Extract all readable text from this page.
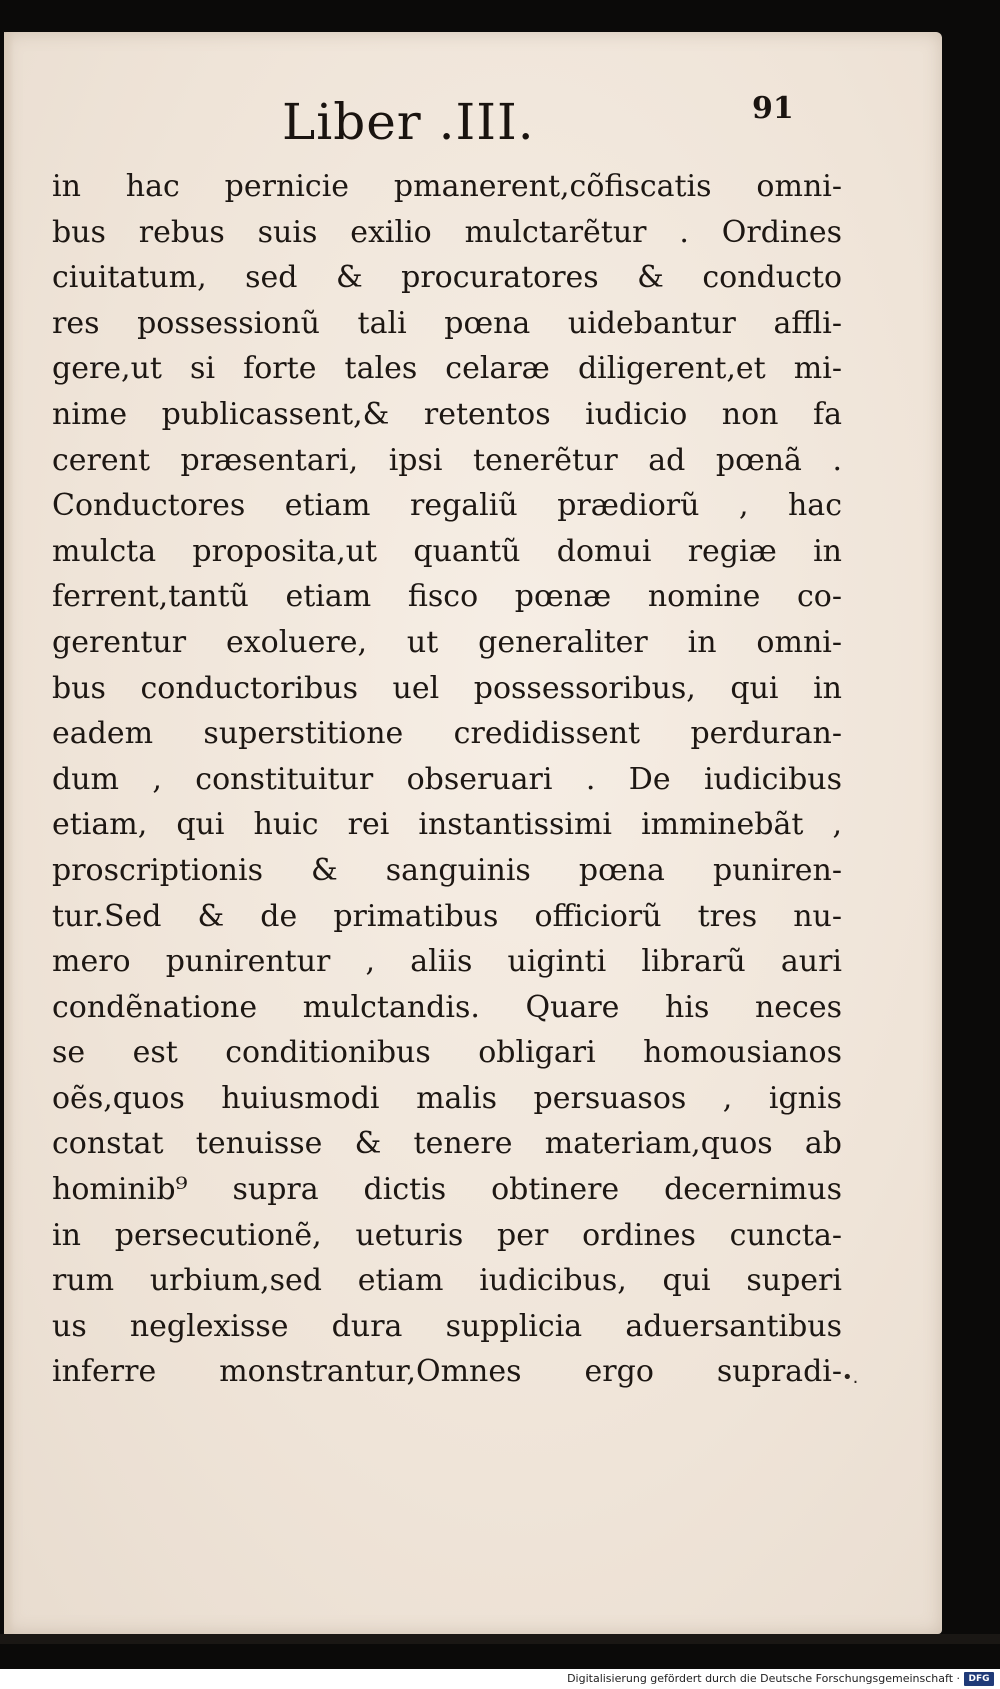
Liber .III.	91
in hac pernicie pmanerent,cõfiscatis omni-
bus rebus suis exilio mulctarẽtur . Ordines
ciuitatum, sed & procuratores & conducto
res possessionũ tali pœna uidebantur affli-
gere,ut si forte tales celaræ diligerent,et mi-
nime publicassent,& retentos iudicio non fa
cerent præsentari, ipsi tenerẽtur ad pœnã .
Conductores etiam regaliũ prædiorũ , hac
mulcta proposita,ut quantũ domui regiæ in
ferrent,tantũ etiam fisco pœnæ nomine co-
gerentur exoluere, ut generaliter in omni-
bus conductoribus uel possessoribus, qui in
eadem superstitione credidissent perduran-
dum , constituitur obseruari . De iudicibus
etiam, qui huic rei instantissimi imminebãt ,
proscriptionis & sanguinis pœna puniren-
tur.Sed & de primatibus officiorũ tres nu-
mero punirentur , aliis uiginti librarũ auri
condẽnatione mulctandis. Quare his neces
se est conditionibus obligari homousianos
oẽs,quos huiusmodi malis persuasos , ignis
constat tenuisse & tenere materiam,quos ab
hominib⁹ supra dictis obtinere decernimus
in persecutionẽ, ueturis per ordines cuncta-
rum urbium,sed etiam iudicibus, qui superi
us neglexisse dura supplicia aduersantibus
inferre monstrantur,Omnes ergo supradi- •.
Digitalisierung gefördert durch die Deutsche Forschungsgemeinschaft · DFG
